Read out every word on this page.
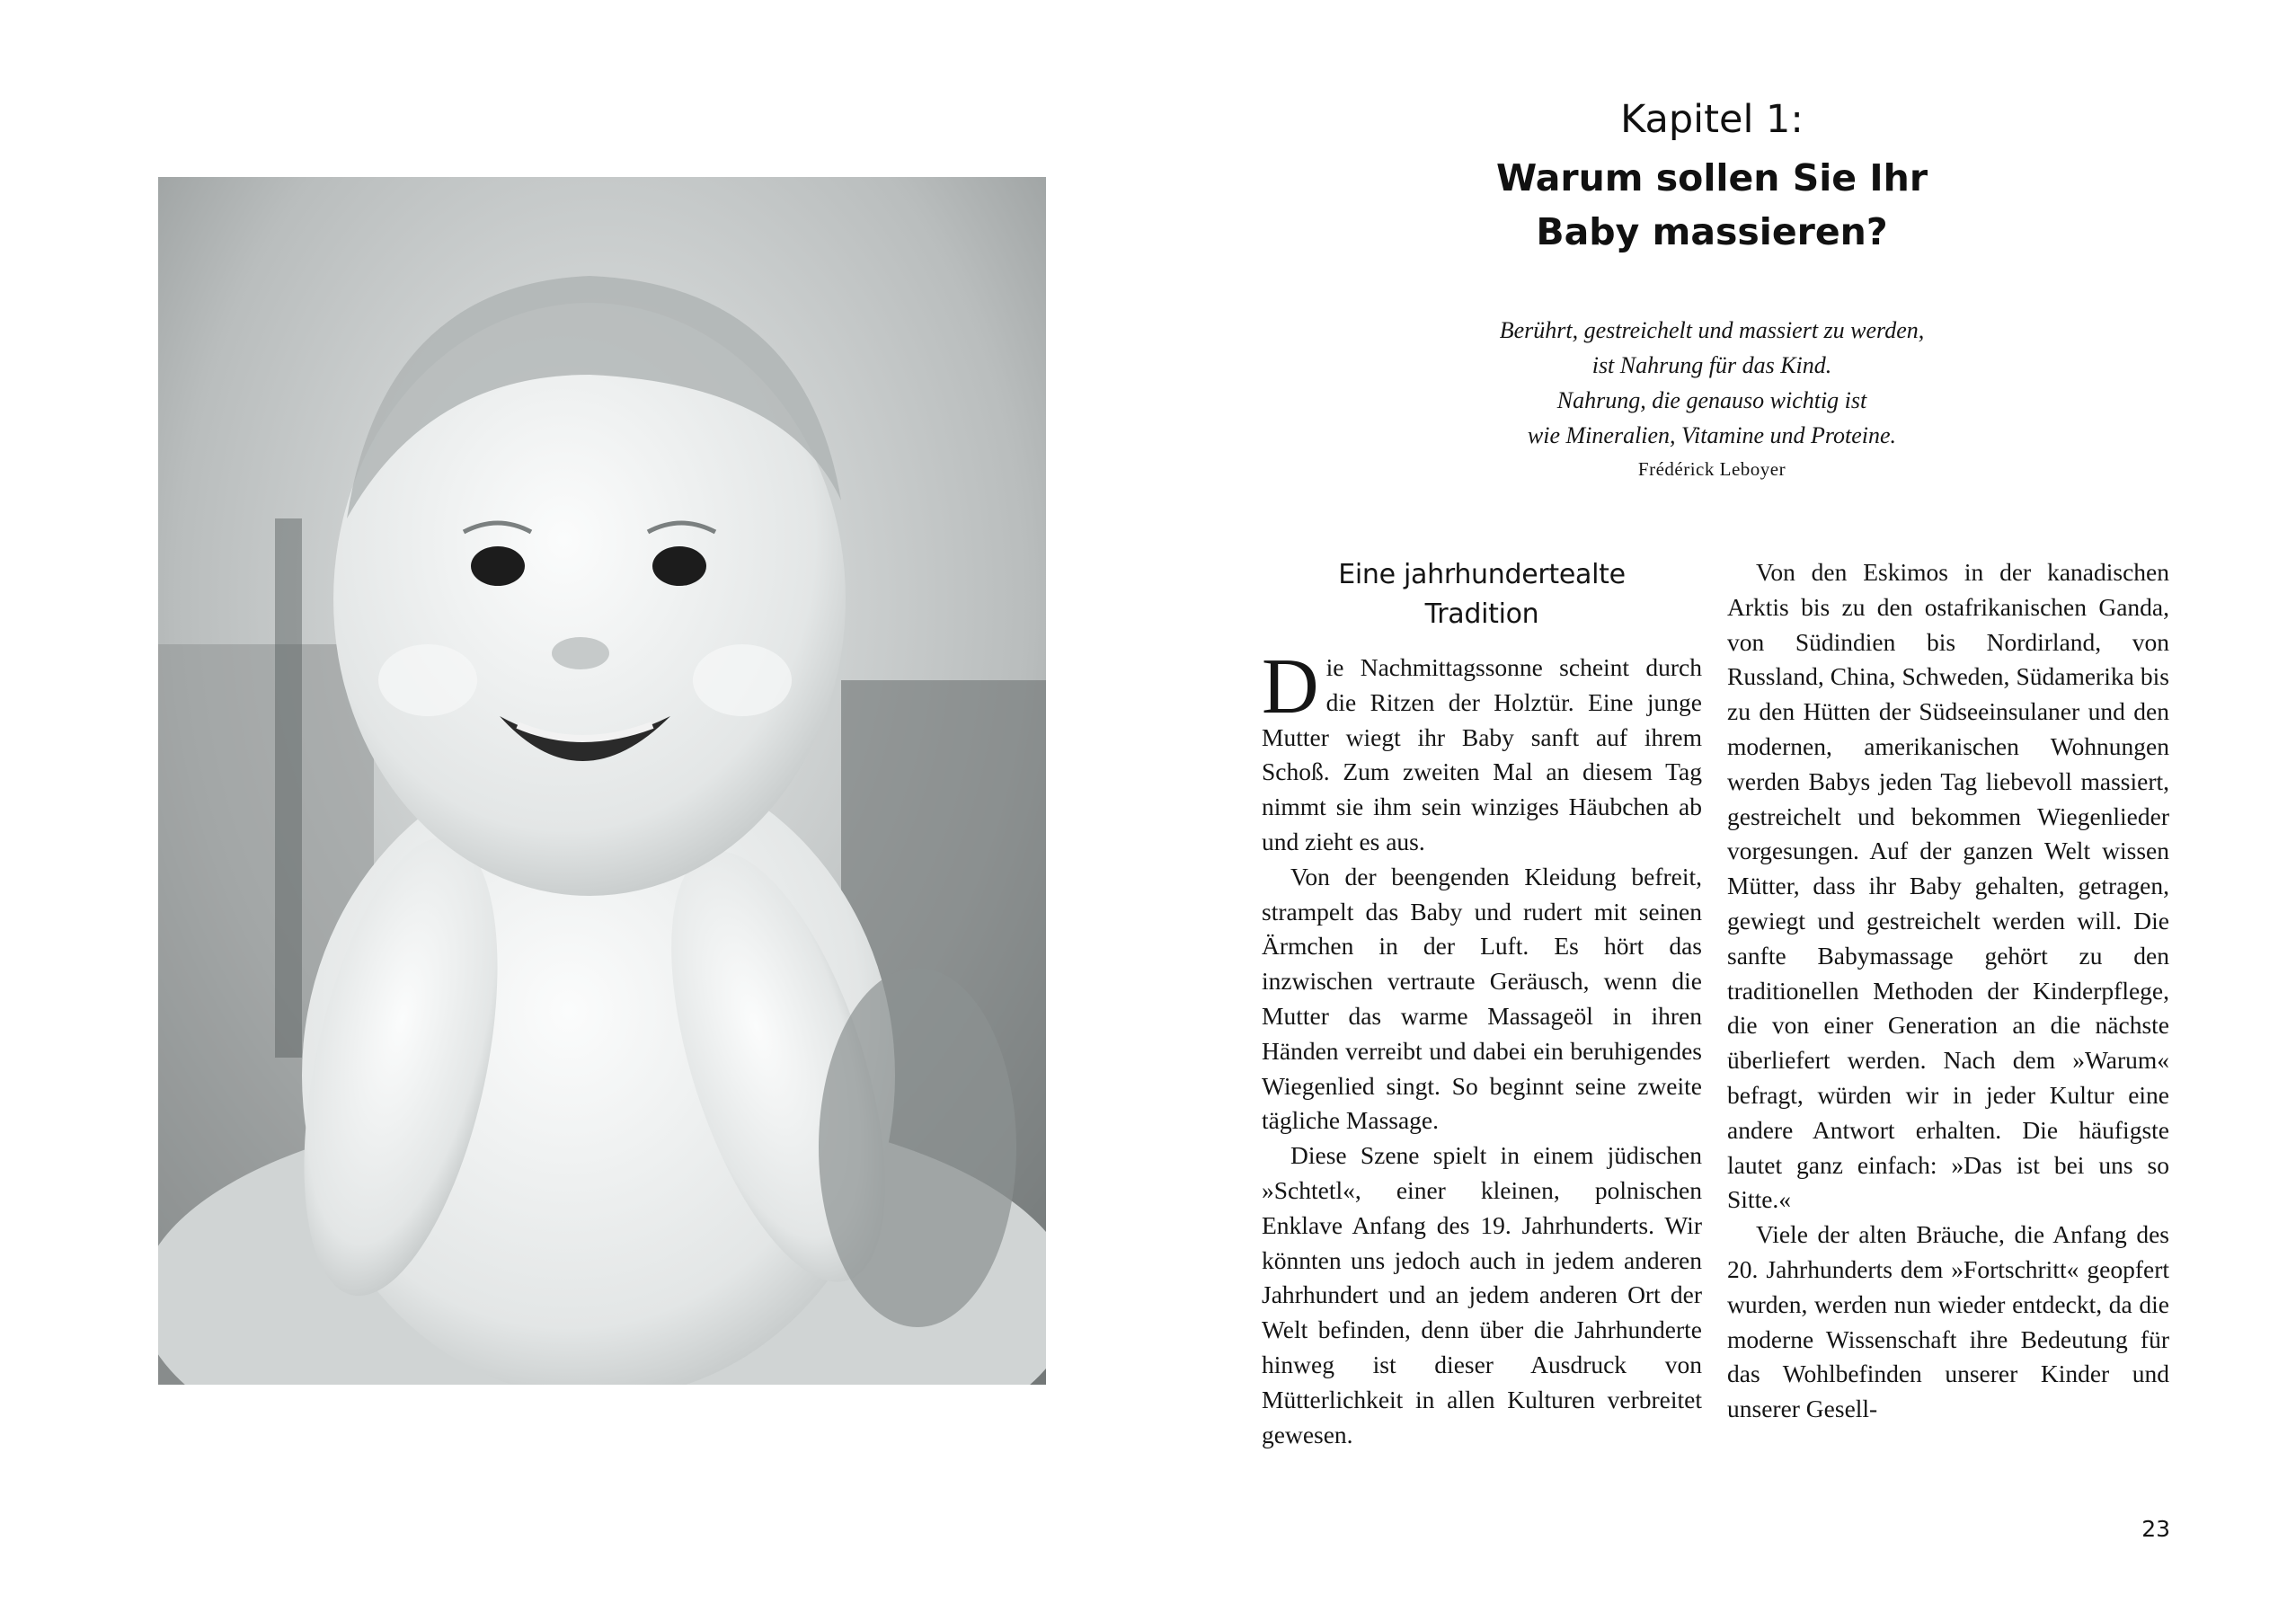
Kapitel 1:
Warum sollen Sie Ihr
Baby massieren?
Berührt, gestreichelt und massiert zu werden,
ist Nahrung für das Kind.
Nahrung, die genauso wichtig ist
wie Mineralien, Vitamine und Proteine.
Frédérick Leboyer
Eine jahrhundertealte
Tradition

Die Nachmittagssonne scheint durch die Ritzen der Holztür. Eine junge Mutter wiegt ihr Baby sanft auf ihrem Schoß. Zum zweiten Mal an diesem Tag nimmt sie ihm sein winziges Häubchen ab und zieht es aus.

Von der beengenden Kleidung befreit, strampelt das Baby und rudert mit seinen Ärmchen in der Luft. Es hört das inzwischen vertraute Geräusch, wenn die Mutter das warme Massageöl in ihren Händen verreibt und dabei ein beruhigendes Wiegenlied singt. So beginnt seine zweite tägliche Massage.

Diese Szene spielt in einem jüdischen »Schtetl«, einer kleinen, polnischen Enklave Anfang des 19. Jahrhunderts. Wir könnten uns jedoch auch in jedem anderen Jahrhundert und an jedem anderen Ort der Welt befinden, denn über die Jahrhunderte hinweg ist dieser Ausdruck von Mütterlichkeit in allen Kulturen verbreitet gewesen.

Von den Eskimos in der kanadischen Arktis bis zu den ostafrikanischen Ganda, von Südindien bis Nordirland, von Russland, China, Schweden, Südamerika bis zu den Hütten der Südseeinsulaner und den modernen, amerikanischen Wohnungen werden Babys jeden Tag liebevoll massiert, gestreichelt und bekommen Wiegenlieder vorgesungen. Auf der ganzen Welt wissen Mütter, dass ihr Baby gehalten, getragen, gewiegt und gestreichelt werden will. Die sanfte Babymassage gehört zu den traditionellen Methoden der Kinderpflege, die von einer Generation an die nächste überliefert werden. Nach dem »Warum« befragt, würden wir in jeder Kultur eine andere Antwort erhalten. Die häufigste lautet ganz einfach: »Das ist bei uns so Sitte.«

Viele der alten Bräuche, die Anfang des 20. Jahrhunderts dem »Fortschritt« geopfert wurden, werden nun wieder entdeckt, da die moderne Wissenschaft ihre Bedeutung für das Wohlbefinden unserer Kinder und unserer Gesell-

23
